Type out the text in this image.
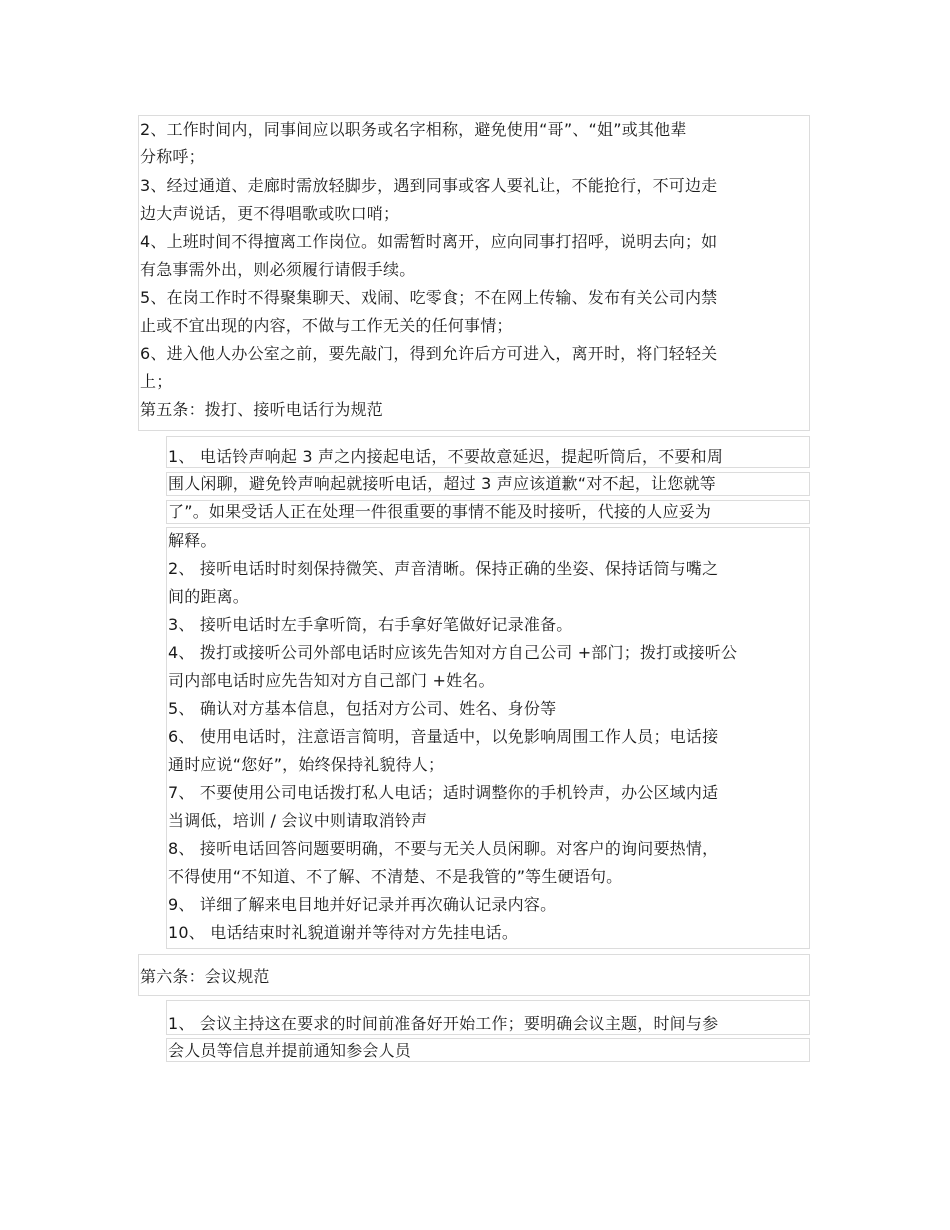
2、工作时间内，同事间应以职务或名字相称，避免使用“哥”、“姐”或其他辈
分称呼；
3、经过通道、走廊时需放轻脚步，遇到同事或客人要礼让，不能抢行，不可边走
边大声说话，更不得唱歌或吹口哨；
4、上班时间不得擅离工作岗位。如需暂时离开，应向同事打招呼，说明去向；如
有急事需外出，则必须履行请假手续。
5、在岗工作时不得聚集聊天、戏闹、吃零食；不在网上传输、发布有关公司内禁
止或不宜出现的内容，不做与工作无关的任何事情；
6、进入他人办公室之前，要先敲门，得到允许后方可进入，离开时，将门轻轻关
上；
第五条：拨打、接听电话行为规范
1、 电话铃声响起 3 声之内接起电话，不要故意延迟，提起听筒后，不要和周
围人闲聊，避免铃声响起就接听电话，超过 3 声应该道歉“对不起，让您就等
了”。如果受话人正在处理一件很重要的事情不能及时接听，代接的人应妥为
解释。
2、 接听电话时时刻保持微笑、声音清晰。保持正确的坐姿、保持话筒与嘴之
间的距离。
3、 接听电话时左手拿听筒，右手拿好笔做好记录准备。
4、 拨打或接听公司外部电话时应该先告知对方自己公司 +部门；拨打或接听公
司内部电话时应先告知对方自己部门 +姓名。
5、 确认对方基本信息，包括对方公司、姓名、身份等
6、 使用电话时，注意语言简明，音量适中，以免影响周围工作人员；电话接
通时应说“您好”，始终保持礼貌待人；
7、 不要使用公司电话拨打私人电话；适时调整你的手机铃声，办公区域内适
当调低，培训 / 会议中则请取消铃声
8、 接听电话回答问题要明确，不要与无关人员闲聊。对客户的询问要热情，
不得使用“不知道、不了解、不清楚、不是我管的”等生硬语句。
9、 详细了解来电目地并好记录并再次确认记录内容。
10、 电话结束时礼貌道谢并等待对方先挂电话。
第六条：会议规范
1、 会议主持这在要求的时间前准备好开始工作；要明确会议主题，时间与参
会人员等信息并提前通知参会人员
